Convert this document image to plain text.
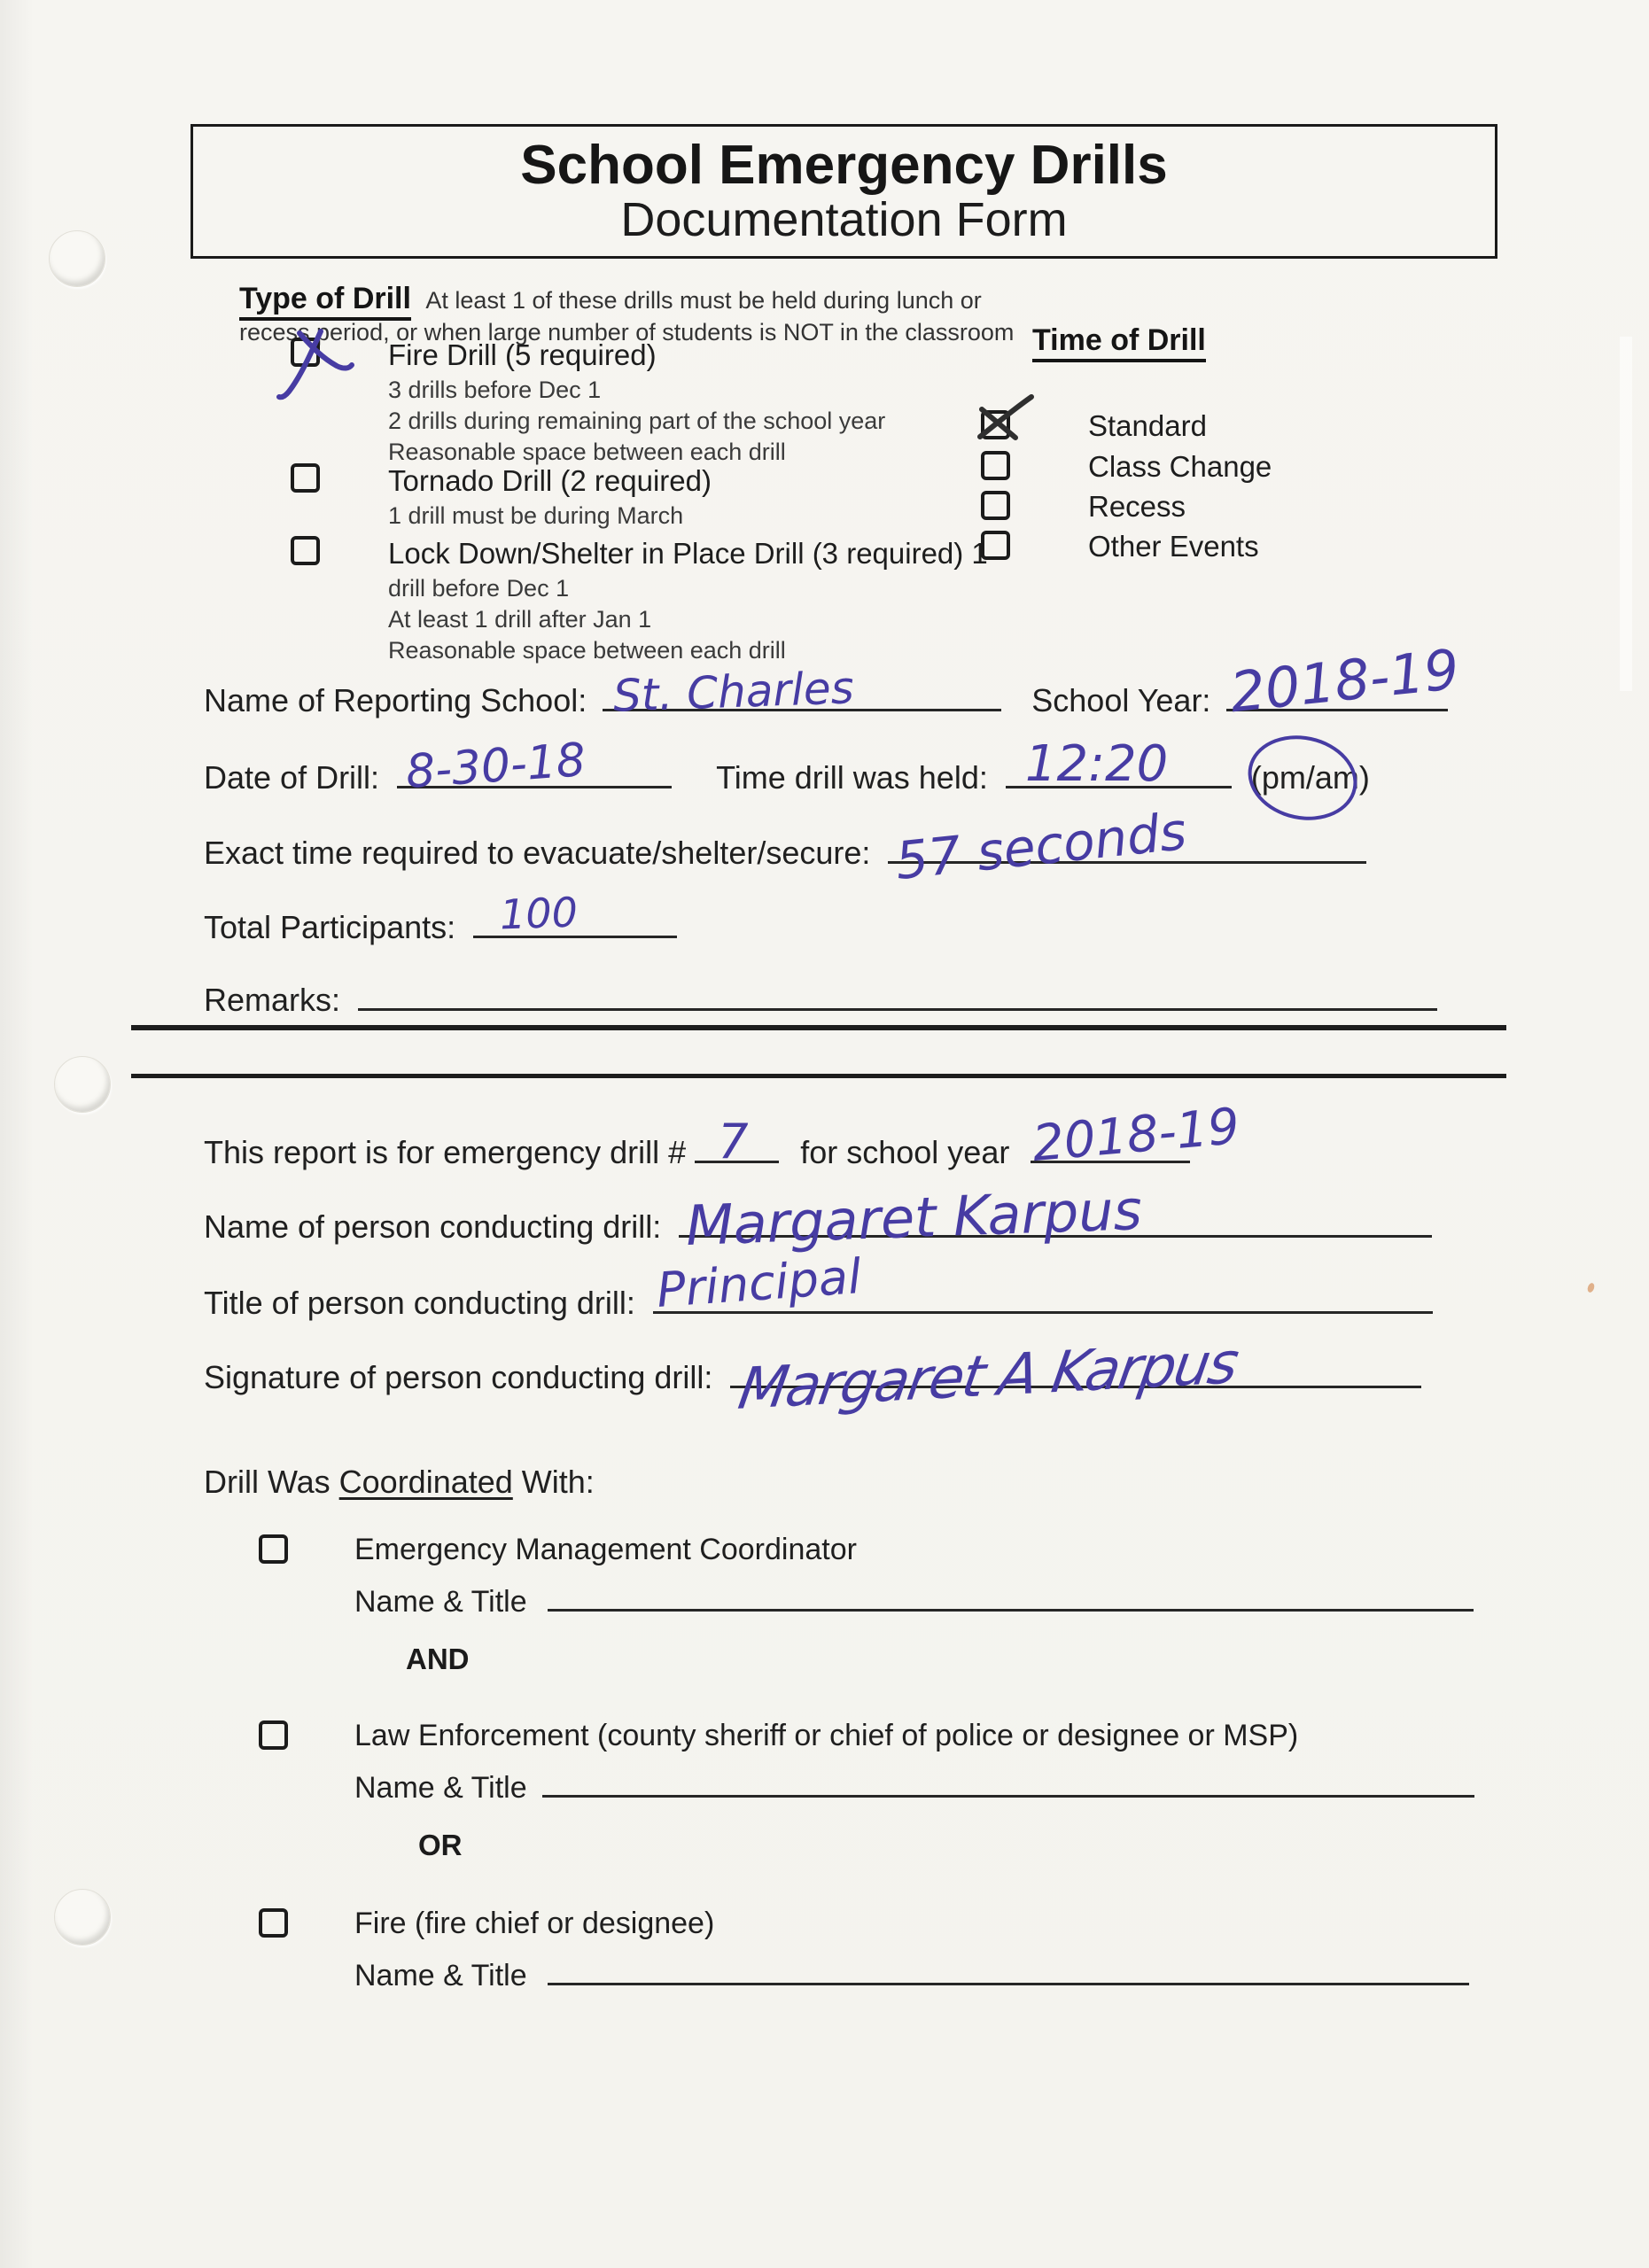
School Emergency Drills
Documentation Form
Type of Drill At least 1 of these drills must be held during lunch or
recess period, or when large number of students is NOT in the classroom
Fire Drill (5 required)
3 drills before Dec 1
2 drills during remaining part of the school year
Reasonable space between each drill
Tornado Drill (2 required)
1 drill must be during March
Lock Down/Shelter in Place Drill (3 required) 1
drill before Dec 1
At least 1 drill after Jan 1
Reasonable space between each drill
Time of Drill
Standard
Class Change
Recess
Other Events
Name of Reporting School: St. Charles	School Year: 2018-19
Date of Drill: 8-30-18	Time drill was held: 12:20	(pm/am)
Exact time required to evacuate/shelter/secure: 57 seconds
Total Participants: 100
Remarks:
This report is for emergency drill # 7 for school year 2018-19
Name of person conducting drill: Margaret Karpus
Title of person conducting drill: Principal
Signature of person conducting drill: Margaret A Karpus
Drill Was Coordinated With:
Emergency Management Coordinator
Name & Title
AND
Law Enforcement (county sheriff or chief of police or designee or MSP)
Name & Title
OR
Fire (fire chief or designee)
Name & Title
